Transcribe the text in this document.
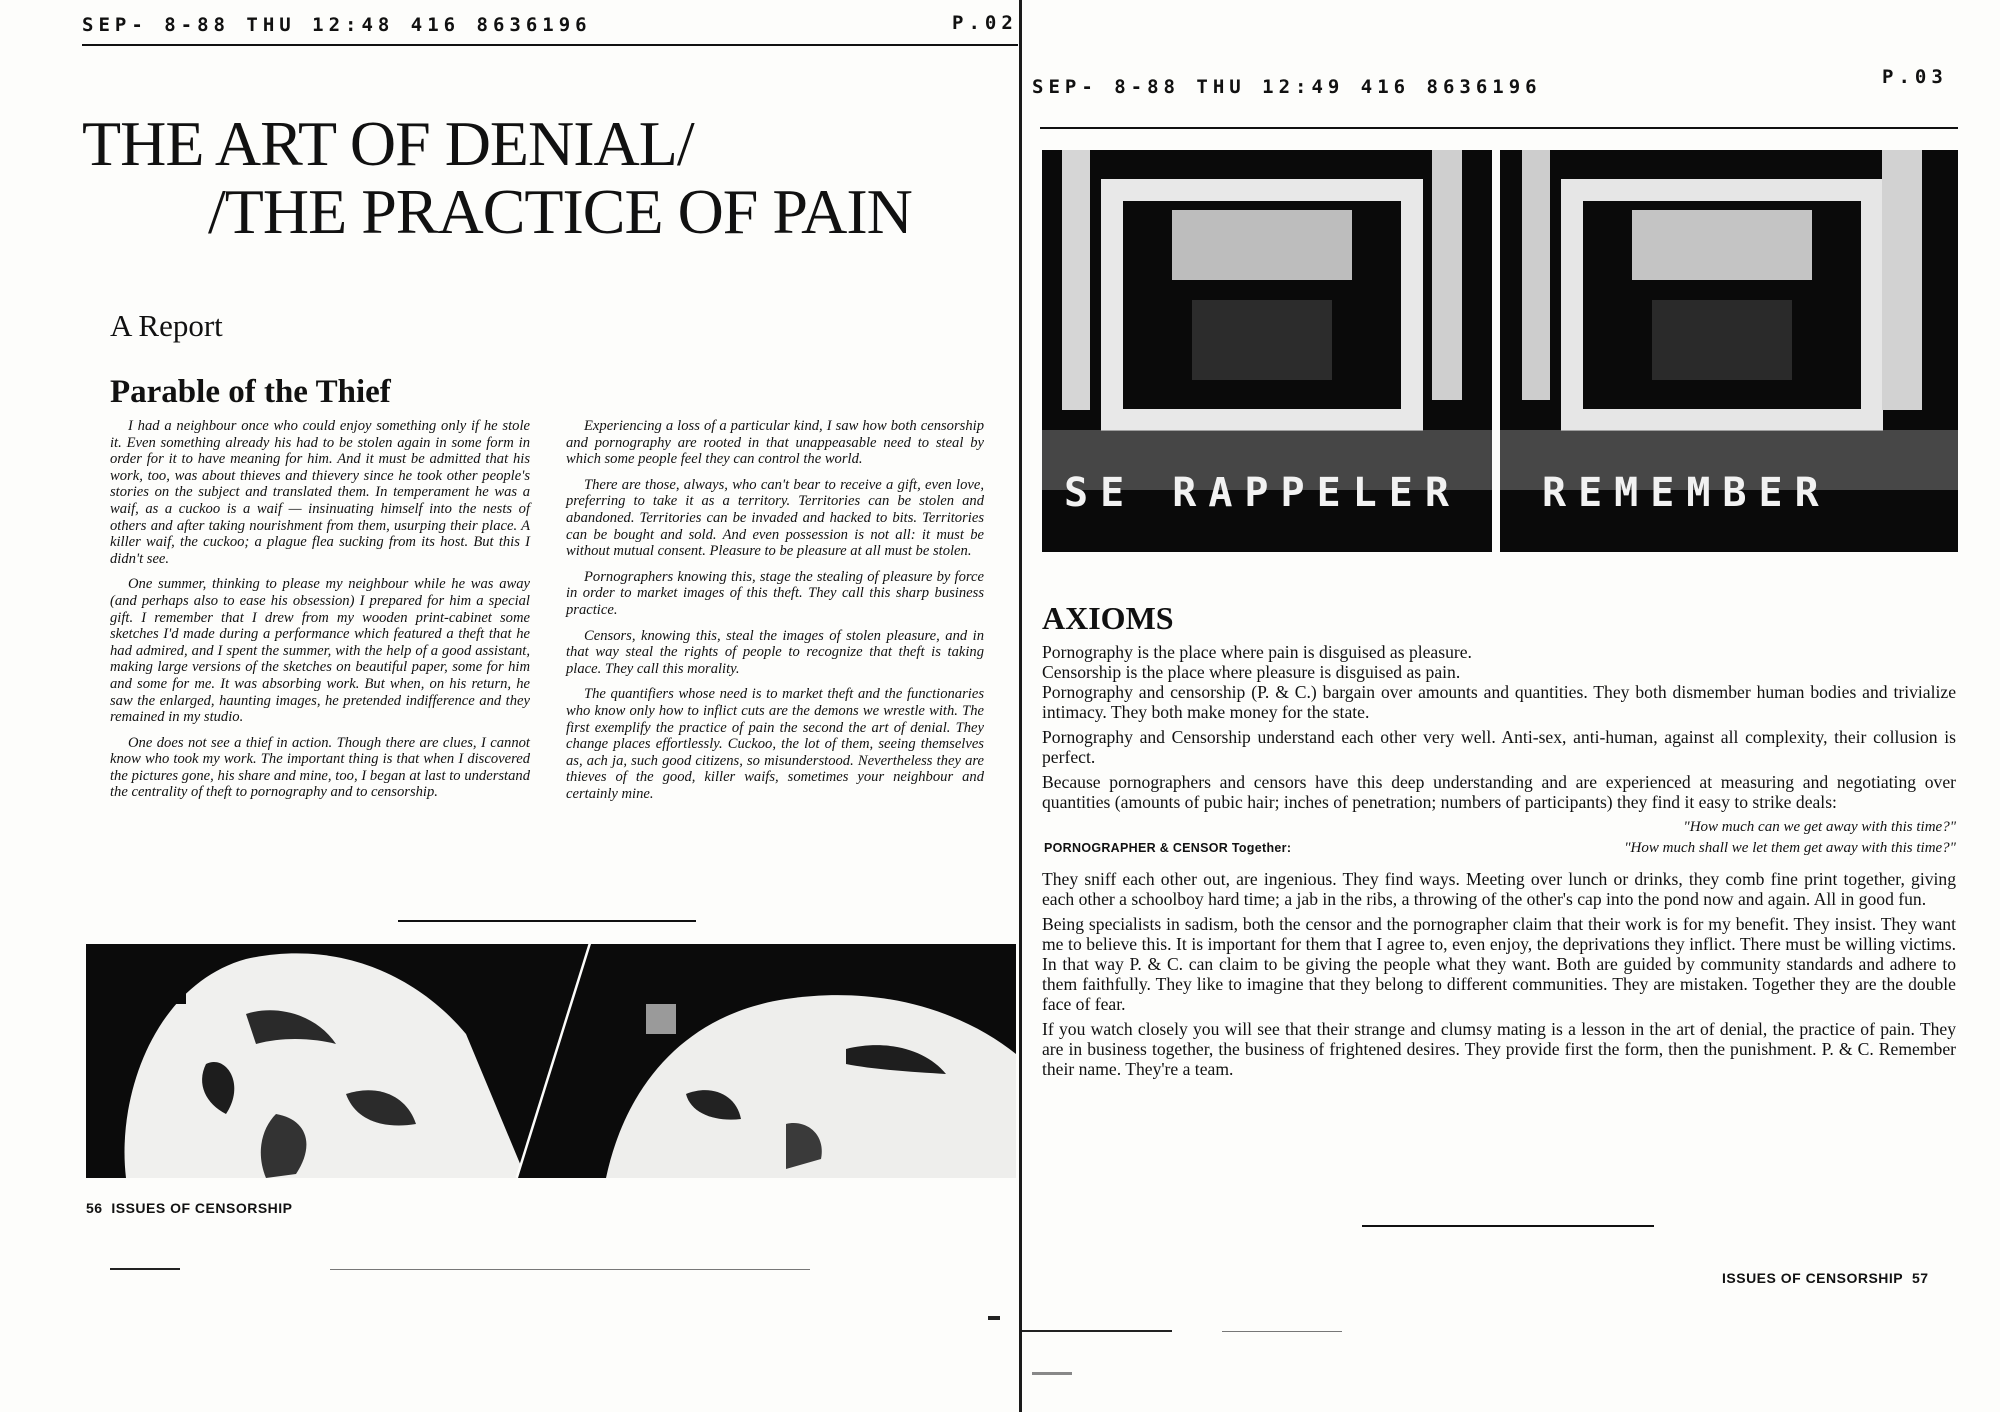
SEP- 8-88 THU 12:48 416 8636196	P.02
THE ART OF DENIAL/
/THE PRACTICE OF PAIN
A Report
Parable of the Thief

I had a neighbour once who could enjoy something only if he stole it. Even something already his had to be stolen again in some form in order for it to have meaning for him. And it must be admitted that his work, too, was about thieves and thievery since he took other people's stories on the subject and translated them. In temperament he was a waif, as a cuckoo is a waif — insinuating himself into the nests of others and after taking nourishment from them, usurping their place. A killer waif, the cuckoo; a plague flea sucking from its host. But this I didn't see.

One summer, thinking to please my neighbour while he was away (and perhaps also to ease his obsession) I prepared for him a special gift. I remember that I drew from my wooden print-cabinet some sketches I'd made during a performance which featured a theft that he had admired, and I spent the summer, with the help of a good assistant, making large versions of the sketches on beautiful paper, some for him and some for me. It was absorbing work. But when, on his return, he saw the enlarged, haunting images, he pretended indifference and they remained in my studio.

One does not see a thief in action. Though there are clues, I cannot know who took my work. The important thing is that when I discovered the pictures gone, his share and mine, too, I began at last to understand the centrality of theft to pornography and to censorship.

Experiencing a loss of a particular kind, I saw how both censorship and pornography are rooted in that unappeasable need to steal by which some people feel they can control the world.

There are those, always, who can't bear to receive a gift, even love, preferring to take it as a territory. Territories can be stolen and abandoned. Territories can be invaded and hacked to bits. Territories can be bought and sold. And even possession is not all: it must be without mutual consent. Pleasure to be pleasure at all must be stolen.

Pornographers knowing this, stage the stealing of pleasure by force in order to market images of this theft. They call this sharp business practice.

Censors, knowing this, steal the images of stolen pleasure, and in that way steal the rights of people to recognize that theft is taking place. They call this morality.

The quantifiers whose need is to market theft and the functionaries who know only how to inflict cuts are the demons we wrestle with. The first exemplify the practice of pain the second the art of denial. They change places effortlessly. Cuckoo, the lot of them, seeing themselves as, ach ja, such good citizens, so misunderstood. Nevertheless they are thieves of the good, killer waifs, sometimes your neighbour and certainly mine.

56 ISSUES OF CENSORSHIP
SEP- 8-88 THU 12:49 416 8636196	P.03
SE RAPPELER REMEMBER
AXIOMS

Pornography is the place where pain is disguised as pleasure.

Censorship is the place where pleasure is disguised as pain.

Pornography and censorship (P. & C.) bargain over amounts and quantities. They both dismember human bodies and trivialize intimacy. They both make money for the state.

Pornography and Censorship understand each other very well. Anti-sex, anti-human, against all complexity, their collusion is perfect.

Because pornographers and censors have this deep understanding and are experienced at measuring and negotiating over quantities (amounts of pubic hair; inches of penetration; numbers of participants) they find it easy to strike deals:

PORNOGRAPHER & CENSOR Together:
"How much can we get away with this time?"
"How much shall we let them get away with this time?"

They sniff each other out, are ingenious. They find ways. Meeting over lunch or drinks, they comb fine print together, giving each other a schoolboy hard time; a jab in the ribs, a throwing of the other's cap into the pond now and again. All in good fun.

Being specialists in sadism, both the censor and the pornographer claim that their work is for my benefit. They insist. They want me to believe this. It is important for them that I agree to, even enjoy, the deprivations they inflict. There must be willing victims. In that way P. & C. can claim to be giving the people what they want. Both are guided by community standards and adhere to them faithfully. They like to imagine that they belong to different communities. They are mistaken. Together they are the double face of fear.

If you watch closely you will see that their strange and clumsy mating is a lesson in the art of denial, the practice of pain. They are in business together, the business of frightened desires. They provide first the form, then the punishment. P. & C. Remember their name. They're a team.

ISSUES OF CENSORSHIP 57
